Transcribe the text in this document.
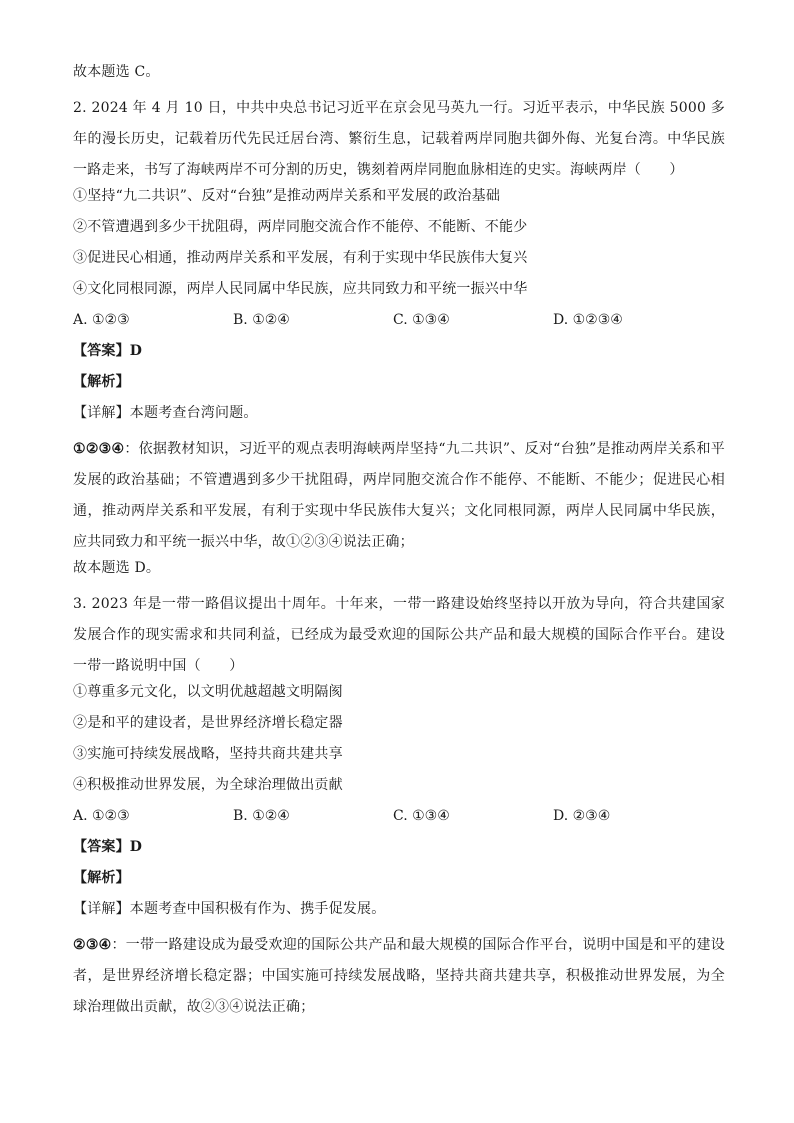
故本题选 C。
2. 2024 年 4 月 10 日，中共中央总书记习近平在京会见马英九一行。习近平表示，中华民族 5000 多年的漫长历史，记载着历代先民迁居台湾、繁衍生息，记载着两岸同胞共御外侮、光复台湾。中华民族一路走来，书写了海峡两岸不可分割的历史，镌刻着两岸同胞血脉相连的史实。海峡两岸（　　）
①坚持“九二共识”、反对“台独”是推动两岸关系和平发展的政治基础
②不管遭遇到多少干扰阻碍，两岸同胞交流合作不能停、不能断、不能少
③促进民心相通，推动两岸关系和平发展，有利于实现中华民族伟大复兴
④文化同根同源，两岸人民同属中华民族，应共同致力和平统一振兴中华
A. ①②③	B. ①②④	C. ①③④	D. ①②③④
【答案】D
【解析】
【详解】本题考查台湾问题。
①②③④：依据教材知识，习近平的观点表明海峡两岸坚持“九二共识”、反对“台独”是推动两岸关系和平发展的政治基础；不管遭遇到多少干扰阻碍，两岸同胞交流合作不能停、不能断、不能少；促进民心相通，推动两岸关系和平发展，有利于实现中华民族伟大复兴；文化同根同源，两岸人民同属中华民族，应共同致力和平统一振兴中华，故①②③④说法正确；
故本题选 D。
3. 2023 年是一带一路倡议提出十周年。十年来，一带一路建设始终坚持以开放为导向，符合共建国家发展合作的现实需求和共同利益，已经成为最受欢迎的国际公共产品和最大规模的国际合作平台。建设一带一路说明中国（　　）
①尊重多元文化，以文明优越超越文明隔阂
②是和平的建设者，是世界经济增长稳定器
③实施可持续发展战略，坚持共商共建共享
④积极推动世界发展，为全球治理做出贡献
A. ①②③	B. ①②④	C. ①③④	D. ②③④
【答案】D
【解析】
【详解】本题考查中国积极有作为、携手促发展。
②③④：一带一路建设成为最受欢迎的国际公共产品和最大规模的国际合作平台，说明中国是和平的建设者，是世界经济增长稳定器；中国实施可持续发展战略，坚持共商共建共享，积极推动世界发展，为全球治理做出贡献，故②③④说法正确；
